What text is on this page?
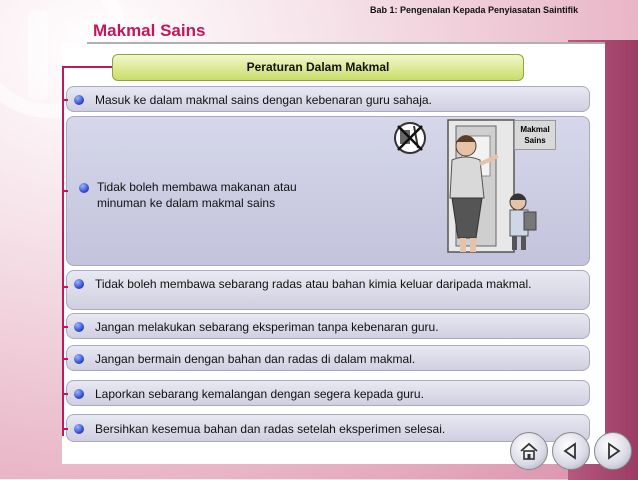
Bab 1: Pengenalan Kepada Penyiasatan Saintifik
Makmal Sains
Peraturan Dalam Makmal
Masuk ke dalam makmal sains dengan kebenaran guru sahaja.
Tidak boleh membawa makanan atau minuman ke dalam makmal sains
Makmal
Sains
Tidak boleh membawa sebarang radas atau bahan kimia keluar daripada makmal.
Jangan melakukan sebarang eksperiman tanpa kebenaran guru.
Jangan bermain dengan bahan dan radas di dalam makmal.
Laporkan sebarang kemalangan dengan segera kepada guru.
Bersihkan kesemua bahan dan radas setelah eksperimen selesai.
